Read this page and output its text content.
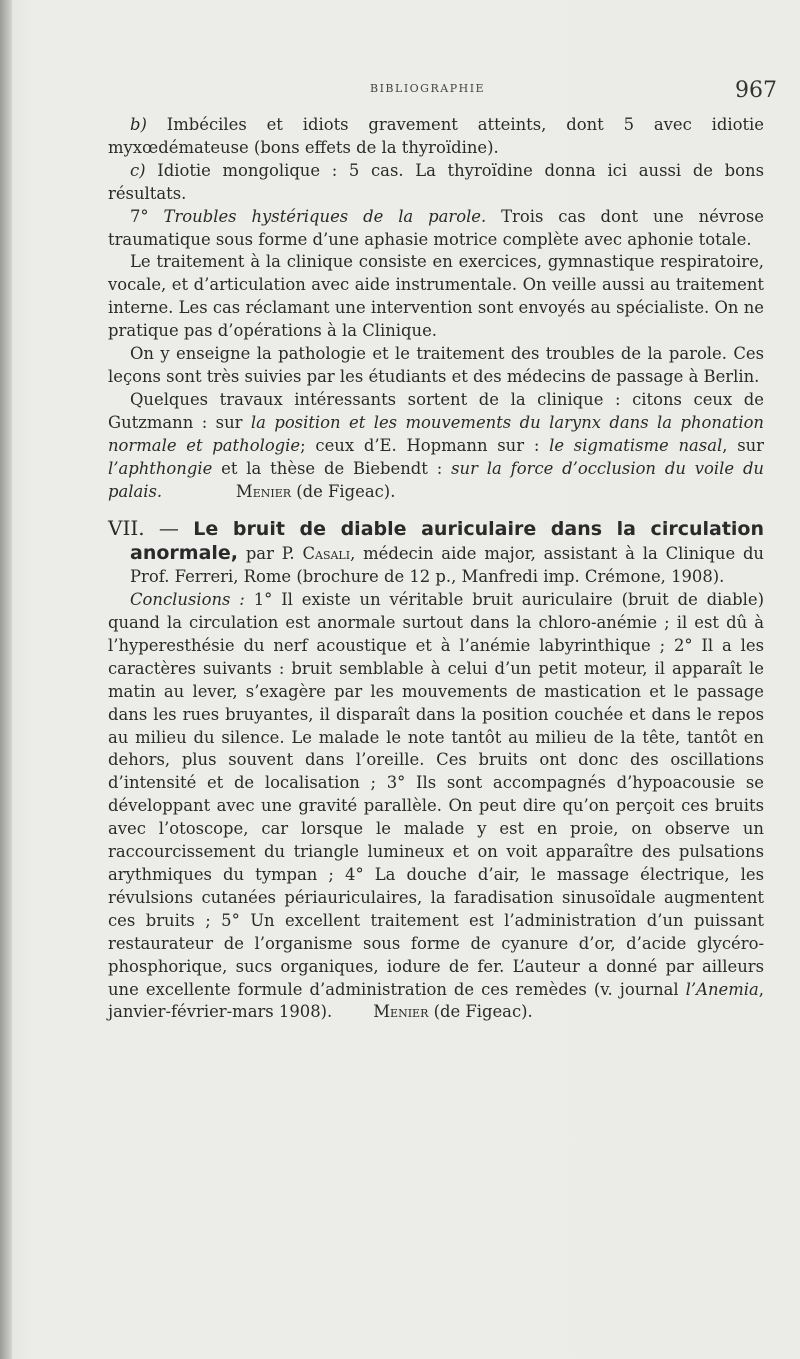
BIBLIOGRAPHIE	967

b) Imbéciles et idiots gravement atteints, dont 5 avec idiotie myxœdémateuse (bons effets de la thyroïdine).

c) Idiotie mongolique : 5 cas. La thyroïdine donna ici aussi de bons résultats.

7° Troubles hystériques de la parole. Trois cas dont une névrose traumatique sous forme d’une aphasie motrice complète avec aphonie totale.

Le traitement à la clinique consiste en exercices, gymnastique respiratoire, vocale, et d’articulation avec aide instrumentale. On veille aussi au traitement interne. Les cas réclamant une intervention sont envoyés au spécialiste. On ne pratique pas d’opérations à la Clinique.

On y enseigne la pathologie et le traitement des troubles de la parole. Ces leçons sont très suivies par les étudiants et des médecins de passage à Berlin.

Quelques travaux intéressants sortent de la clinique : citons ceux de Gutzmann : sur la position et les mouvements du larynx dans la phonation normale et pathologie; ceux d’E. Hopmann sur : le sigmatisme nasal, sur l’aphthongie et la thèse de Biebendt : sur la force d’occlusion du voile du palais.     	Menier (de Figeac).

VII. — Le bruit de diable auriculaire dans la circulation anormale, par P. Casali, médecin aide major, assistant à la Clinique du Prof. Ferreri, Rome (brochure de 12 p., Manfredi imp. Crémone, 1908).

Conclusions : 1° Il existe un véritable bruit auriculaire (bruit de diable) quand la circulation est anormale surtout dans la chloro-anémie ; il est dû à l’hyperesthésie du nerf acoustique et à l’anémie labyrinthique ; 2° Il a les caractères suivants : bruit semblable à celui d’un petit moteur, il apparaît le matin au lever, s’exagère par les mouvements de mastication et le passage dans les rues bruyantes, il disparaît dans la position couchée et dans le repos au milieu du silence. Le malade le note tantôt au milieu de la tête, tantôt en dehors, plus souvent dans l’oreille. Ces bruits ont donc des oscillations d’intensité et de localisation ; 3° Ils sont accompagnés d’hypoacousie se développant avec une gravité parallèle. On peut dire qu’on perçoit ces bruits avec l’otoscope, car lorsque le malade y est en proie, on observe un raccourcissement du triangle lumineux et on voit apparaître des pulsations arythmiques du tympan ; 4° La douche d’air, le massage électrique, les révulsions cutanées périauriculaires, la faradisation sinusoïdale augmentent ces bruits ; 5° Un excellent traitement est l’administration d’un puissant restaurateur de l’organisme sous forme de cyanure d’or, d’acide glycéro-phosphorique, sucs organiques, iodure de fer. L’auteur a donné par ailleurs une excellente formule d’administration de ces remèdes (v. journal l’Anemia, janvier-février-mars 1908).    Menier (de Figeac).
